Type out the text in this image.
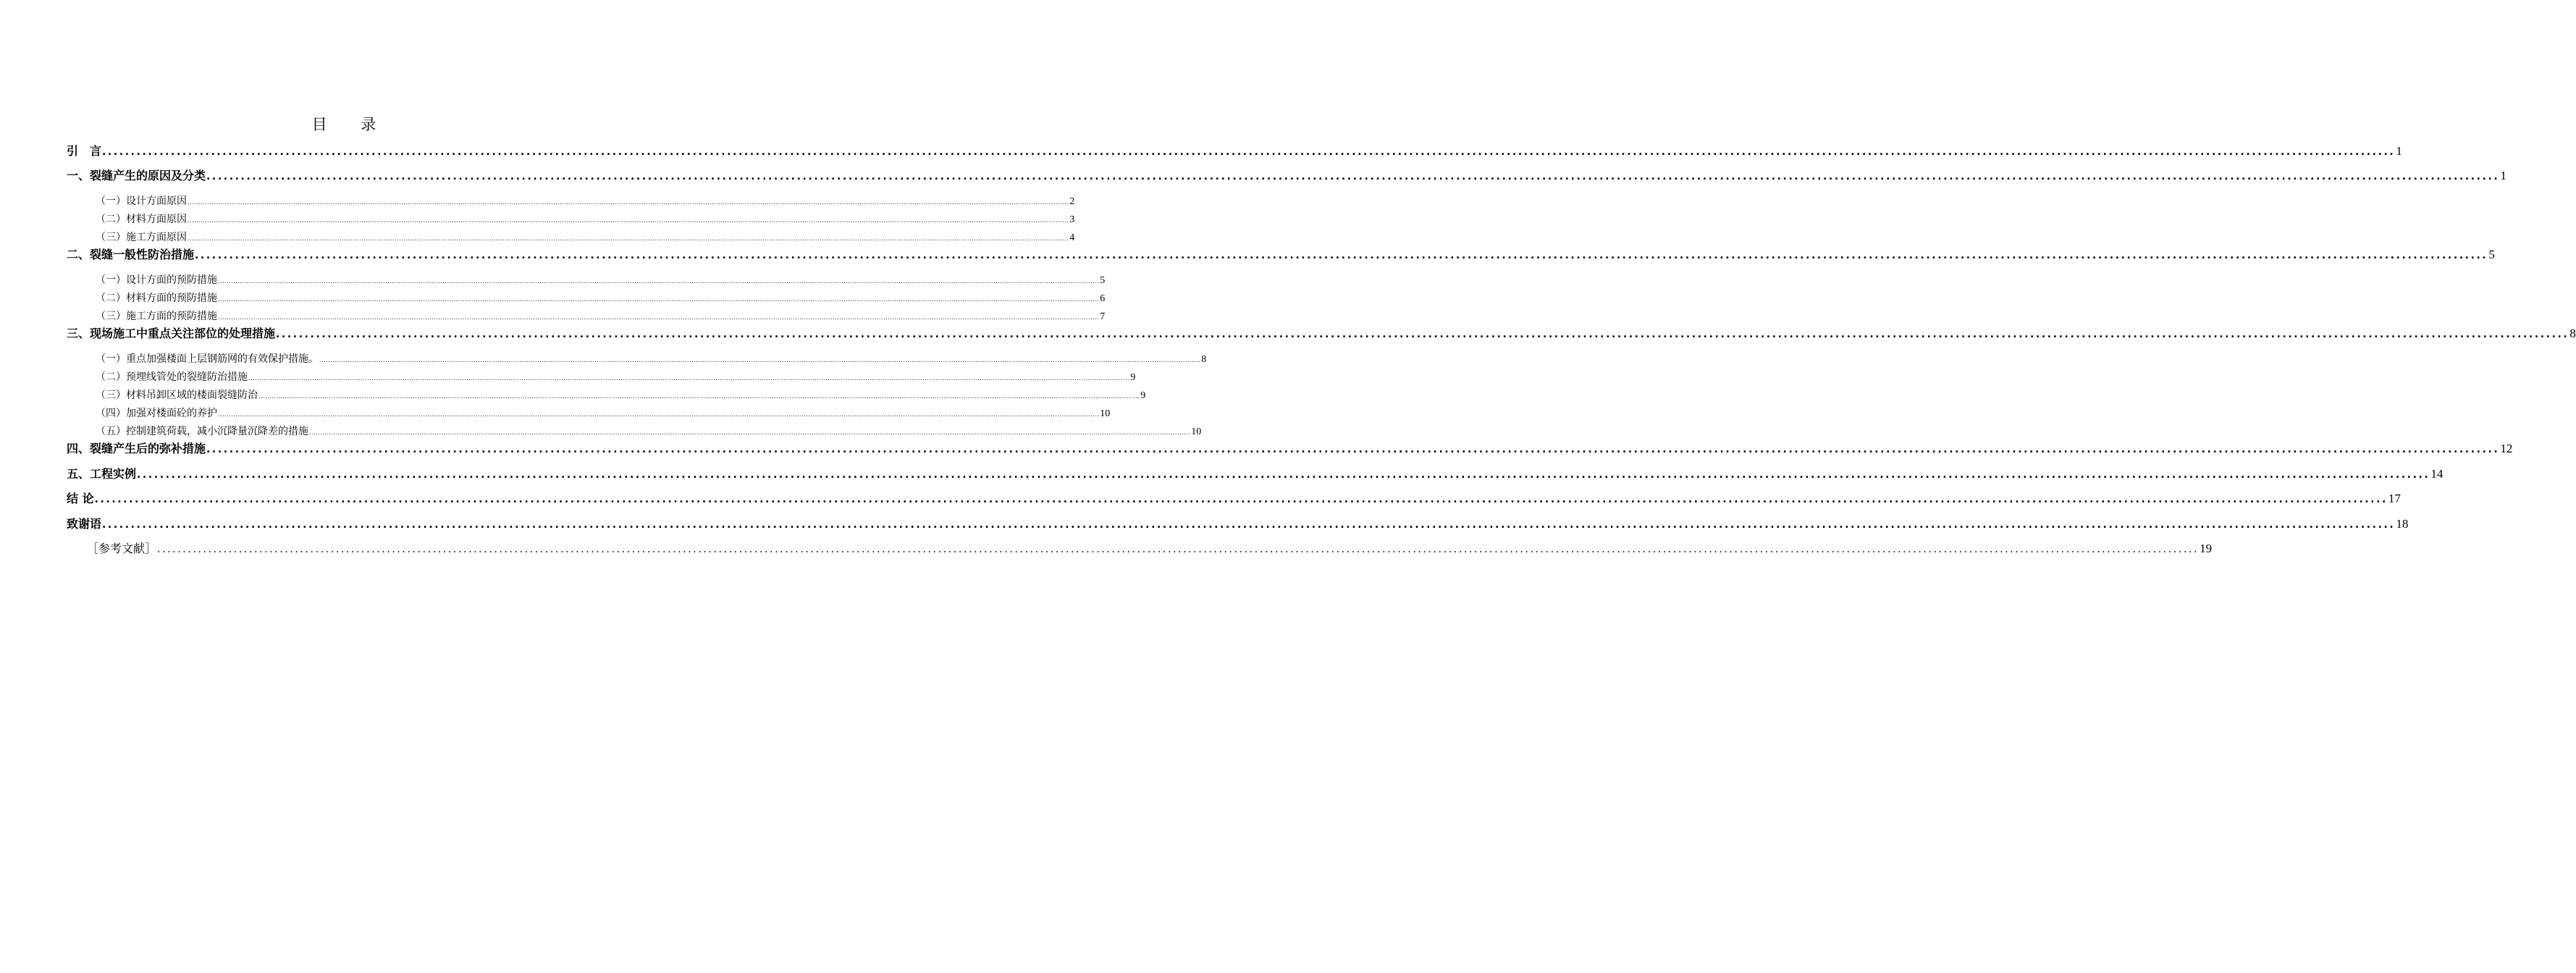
目 录
引　言 ................................................................................................................................................................................................................................................................................................................................................................................................................ 1
一、裂缝产生的原因及分类 ................................................................................................................................................................................................................................................................................................................................................................................................................ 1
（一）设计方面原因 ................................................................................................................................................................................................................................................................................................................................................................................................................ 2
（二）材料方面原因 ................................................................................................................................................................................................................................................................................................................................................................................................................ 3
（三）施工方面原因 ................................................................................................................................................................................................................................................................................................................................................................................................................ 4
二、裂缝一般性防治措施 ................................................................................................................................................................................................................................................................................................................................................................................................................ 5
（一）设计方面的预防措施 ................................................................................................................................................................................................................................................................................................................................................................................................................ 5
（二）材料方面的预防措施 ................................................................................................................................................................................................................................................................................................................................................................................................................ 6
（三）施工方面的预防措施 ................................................................................................................................................................................................................................................................................................................................................................................................................ 7
三、现场施工中重点关注部位的处理措施 ................................................................................................................................................................................................................................................................................................................................................................................................................ 8
（一）重点加强楼面上层钢筋网的有效保护措施。 ................................................................................................................................................................................................................................................................................................................................................................................................................ 8
（二）预埋线管处的裂缝防治措施 ................................................................................................................................................................................................................................................................................................................................................................................................................ 9
（三）材料吊卸区域的楼面裂缝防治 ................................................................................................................................................................................................................................................................................................................................................................................................................ 9
（四）加强对楼面砼的养护 ................................................................................................................................................................................................................................................................................................................................................................................................................ 10
（五）控制建筑荷载，减小沉降量沉降差的措施 ................................................................................................................................................................................................................................................................................................................................................................................................................ 10
四、裂缝产生后的弥补措施 ................................................................................................................................................................................................................................................................................................................................................................................................................ 12
五、工程实例 ................................................................................................................................................................................................................................................................................................................................................................................................................ 14
结 论 ................................................................................................................................................................................................................................................................................................................................................................................................................ 17
致谢语 ................................................................................................................................................................................................................................................................................................................................................................................................................ 18
［参考文献］ ................................................................................................................................................................................................................................................................................................................................................................................................................ 19
